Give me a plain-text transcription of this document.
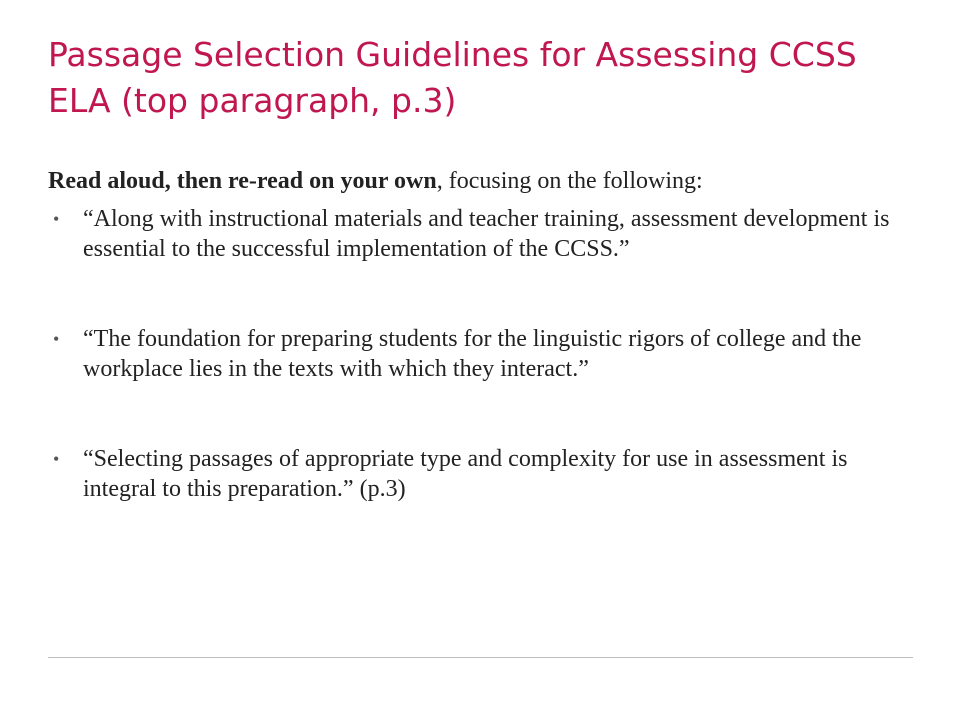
Passage Selection Guidelines for Assessing CCSS ELA (top paragraph, p.3)

Read aloud, then re-read on your own, focusing on the following:

• “Along with instructional materials and teacher training, assessment development is essential to the successful implementation of the CCSS.”
• “The foundation for preparing students for the linguistic rigors of college and the workplace lies in the texts with which they interact.”
• “Selecting passages of appropriate type and complexity for use in assessment is integral to this preparation.” (p.3)
